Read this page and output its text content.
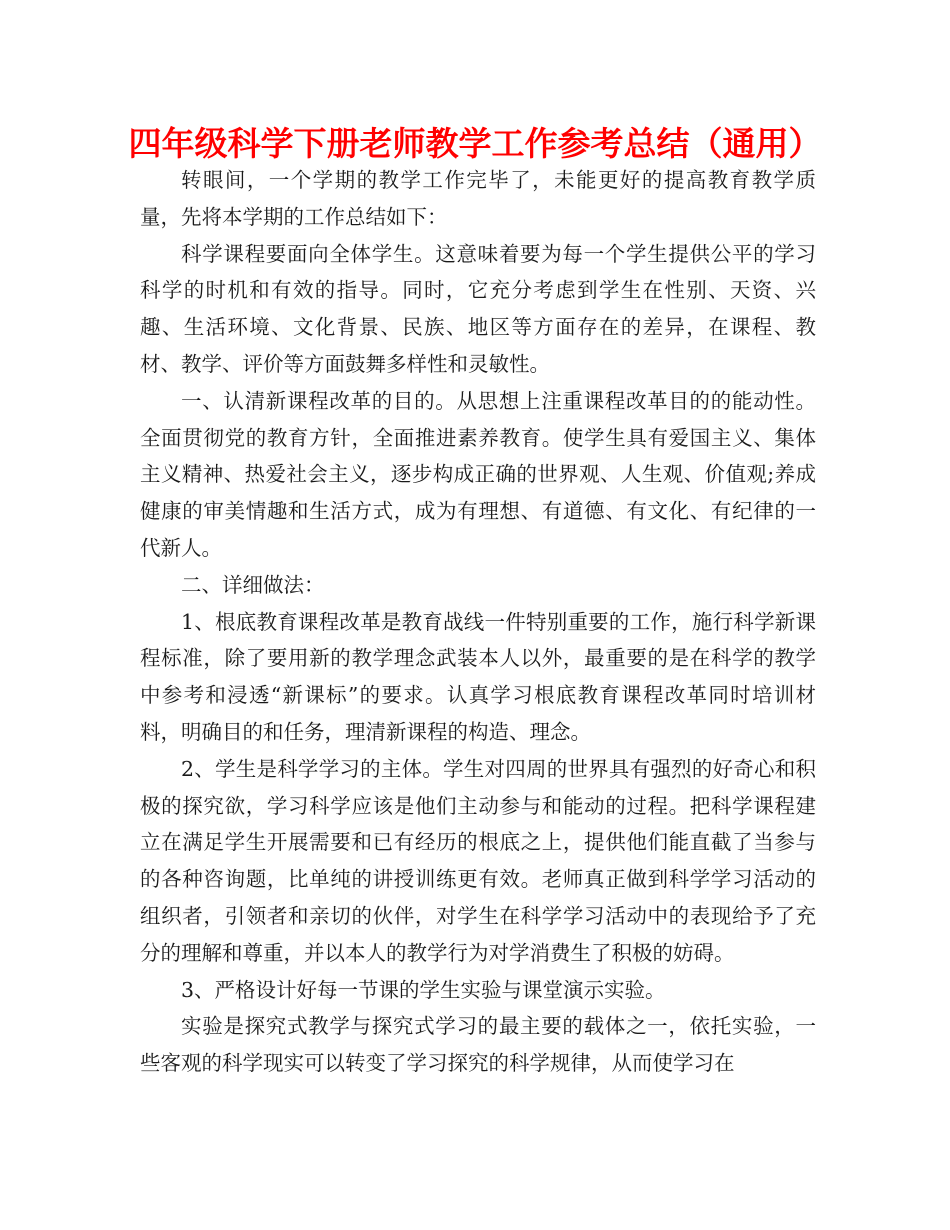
四年级科学下册老师教学工作参考总结（通用）

转眼间，一个学期的教学工作完毕了，未能更好的提高教育教学质量，先将本学期的工作总结如下：

科学课程要面向全体学生。这意味着要为每一个学生提供公平的学习科学的时机和有效的指导。同时，它充分考虑到学生在性别、天资、兴趣、生活环境、文化背景、民族、地区等方面存在的差异，在课程、教材、教学、评价等方面鼓舞多样性和灵敏性。

一、认清新课程改革的目的。从思想上注重课程改革目的的能动性。全面贯彻党的教育方针，全面推进素养教育。使学生具有爱国主义、集体主义精神、热爱社会主义，逐步构成正确的世界观、人生观、价值观;养成健康的审美情趣和生活方式，成为有理想、有道德、有文化、有纪律的一代新人。

二、详细做法：

1、根底教育课程改革是教育战线一件特别重要的工作，施行科学新课程标准，除了要用新的教学理念武装本人以外，最重要的是在科学的教学中参考和浸透“新课标”的要求。认真学习根底教育课程改革同时培训材料，明确目的和任务，理清新课程的构造、理念。

2、学生是科学学习的主体。学生对四周的世界具有强烈的好奇心和积极的探究欲，学习科学应该是他们主动参与和能动的过程。把科学课程建立在满足学生开展需要和已有经历的根底之上，提供他们能直截了当参与的各种咨询题，比单纯的讲授训练更有效。老师真正做到科学学习活动的组织者，引领者和亲切的伙伴，对学生在科学学习活动中的表现给予了充分的理解和尊重，并以本人的教学行为对学消费生了积极的妨碍。

3、严格设计好每一节课的学生实验与课堂演示实验。

实验是探究式教学与探究式学习的最主要的载体之一，依托实验，一些客观的科学现实可以转变了学习探究的科学规律，从而使学习在
